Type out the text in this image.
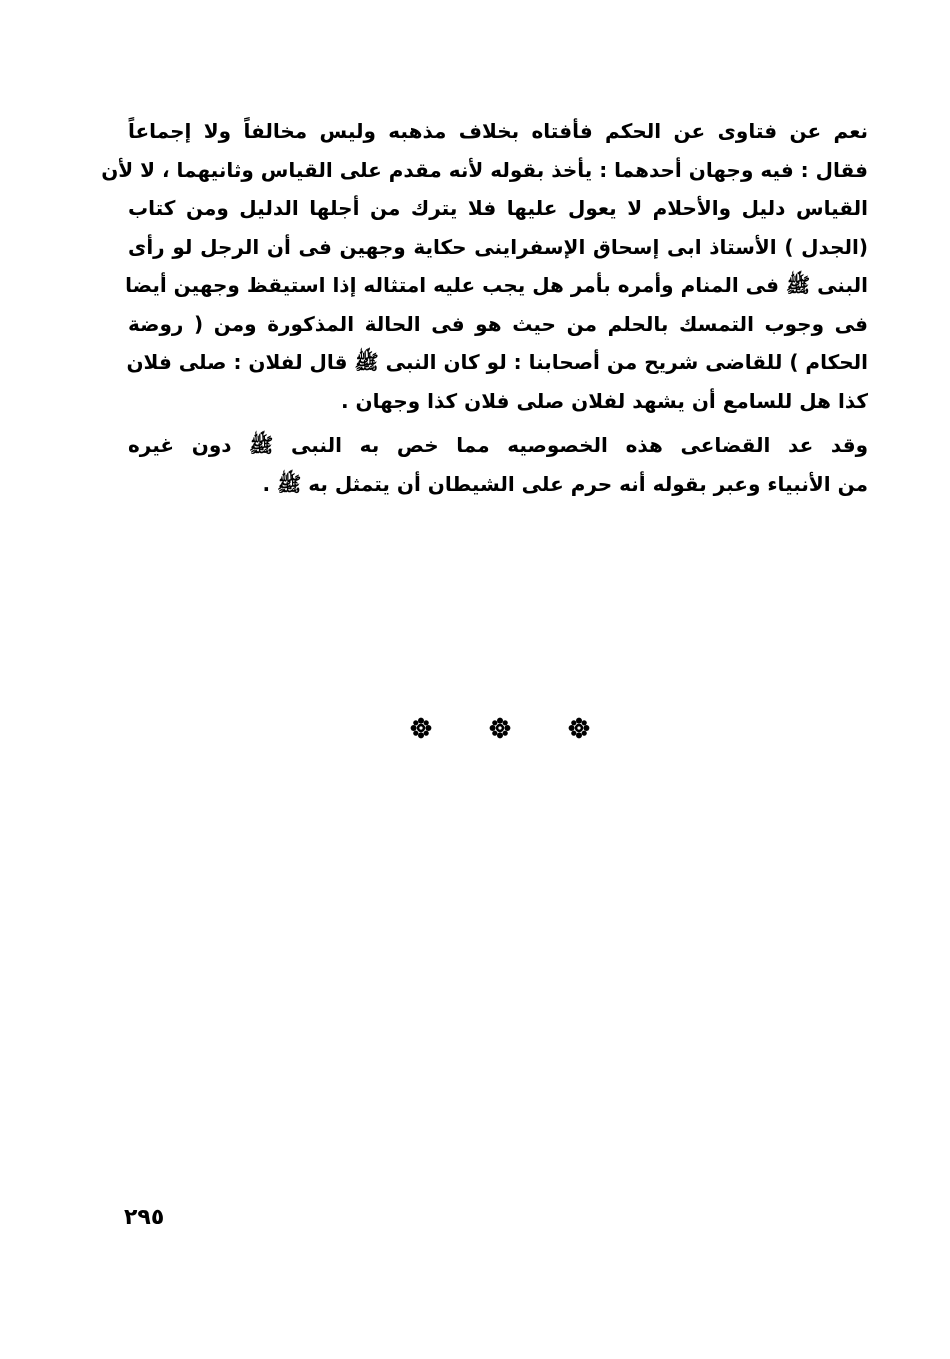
نعم عن فتاوى عن الحكم فأفتاه بخلاف مذهبه وليس مخالفاً ولا إجماعاً
فقال : فيه وجهان أحدهما : يأخذ بقوله لأنه مقدم على القياس وثانيهما ، لا لأن
القياس دليل والأحلام لا يعول عليها فلا يترك من أجلها الدليل ومن كتاب
(الجدل ) الأستاذ ابى إسحاق الإسفراينى حكاية وجهين فى أن الرجل لو رأى
البنى ﷺ فى المنام وأمره بأمر هل يجب عليه امتثاله إذا استيقظ وجهين أيضا
فى وجوب التمسك بالحلم من حيث هو فى الحالة المذكورة ومن ( روضة
الحكام ) للقاضى شريح من أصحابنا : لو كان النبى ﷺ قال لفلان : صلى فلان
كذا هل للسامع أن يشهد لفلان صلى فلان كذا وجهان .
وقد عد القضاعى هذه الخصوصيه مما خص به النبى ﷺ دون غيره
من الأنبياء وعبر بقوله أنه حرم على الشيطان أن يتمثل به ﷺ .
٢٩٥
